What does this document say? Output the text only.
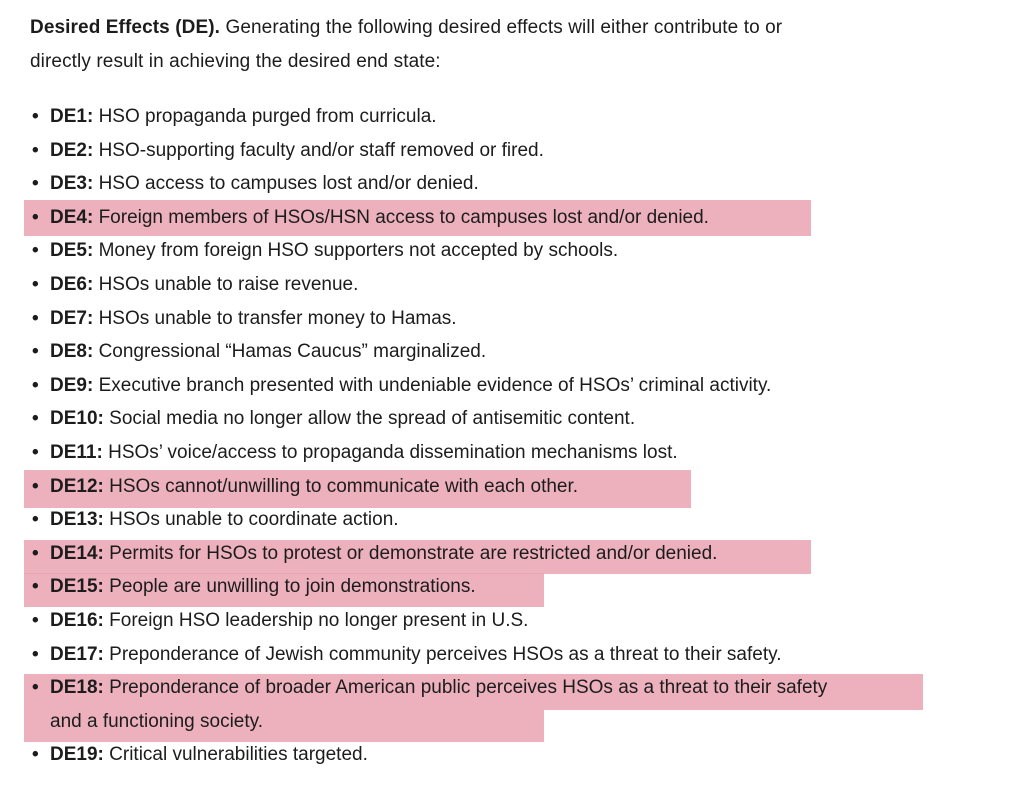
Desired Effects (DE). Generating the following desired effects will either contribute to or
directly result in achieving the desired end state:

• DE1: HSO propaganda purged from curricula.
• DE2: HSO-supporting faculty and/or staff removed or fired.
• DE3: HSO access to campuses lost and/or denied.
• DE4: Foreign members of HSOs/HSN access to campuses lost and/or denied.
• DE5: Money from foreign HSO supporters not accepted by schools.
• DE6: HSOs unable to raise revenue.
• DE7: HSOs unable to transfer money to Hamas.
• DE8: Congressional “Hamas Caucus” marginalized.
• DE9: Executive branch presented with undeniable evidence of HSOs’ criminal activity.
• DE10: Social media no longer allow the spread of antisemitic content.
• DE11: HSOs’ voice/access to propaganda dissemination mechanisms lost.
• DE12: HSOs cannot/unwilling to communicate with each other.
• DE13: HSOs unable to coordinate action.
• DE14: Permits for HSOs to protest or demonstrate are restricted and/or denied.
• DE15: People are unwilling to join demonstrations.
• DE16: Foreign HSO leadership no longer present in U.S.
• DE17: Preponderance of Jewish community perceives HSOs as a threat to their safety.
• DE18: Preponderance of broader American public perceives HSOs as a threat to their safety
and a functioning society.
• DE19: Critical vulnerabilities targeted.
